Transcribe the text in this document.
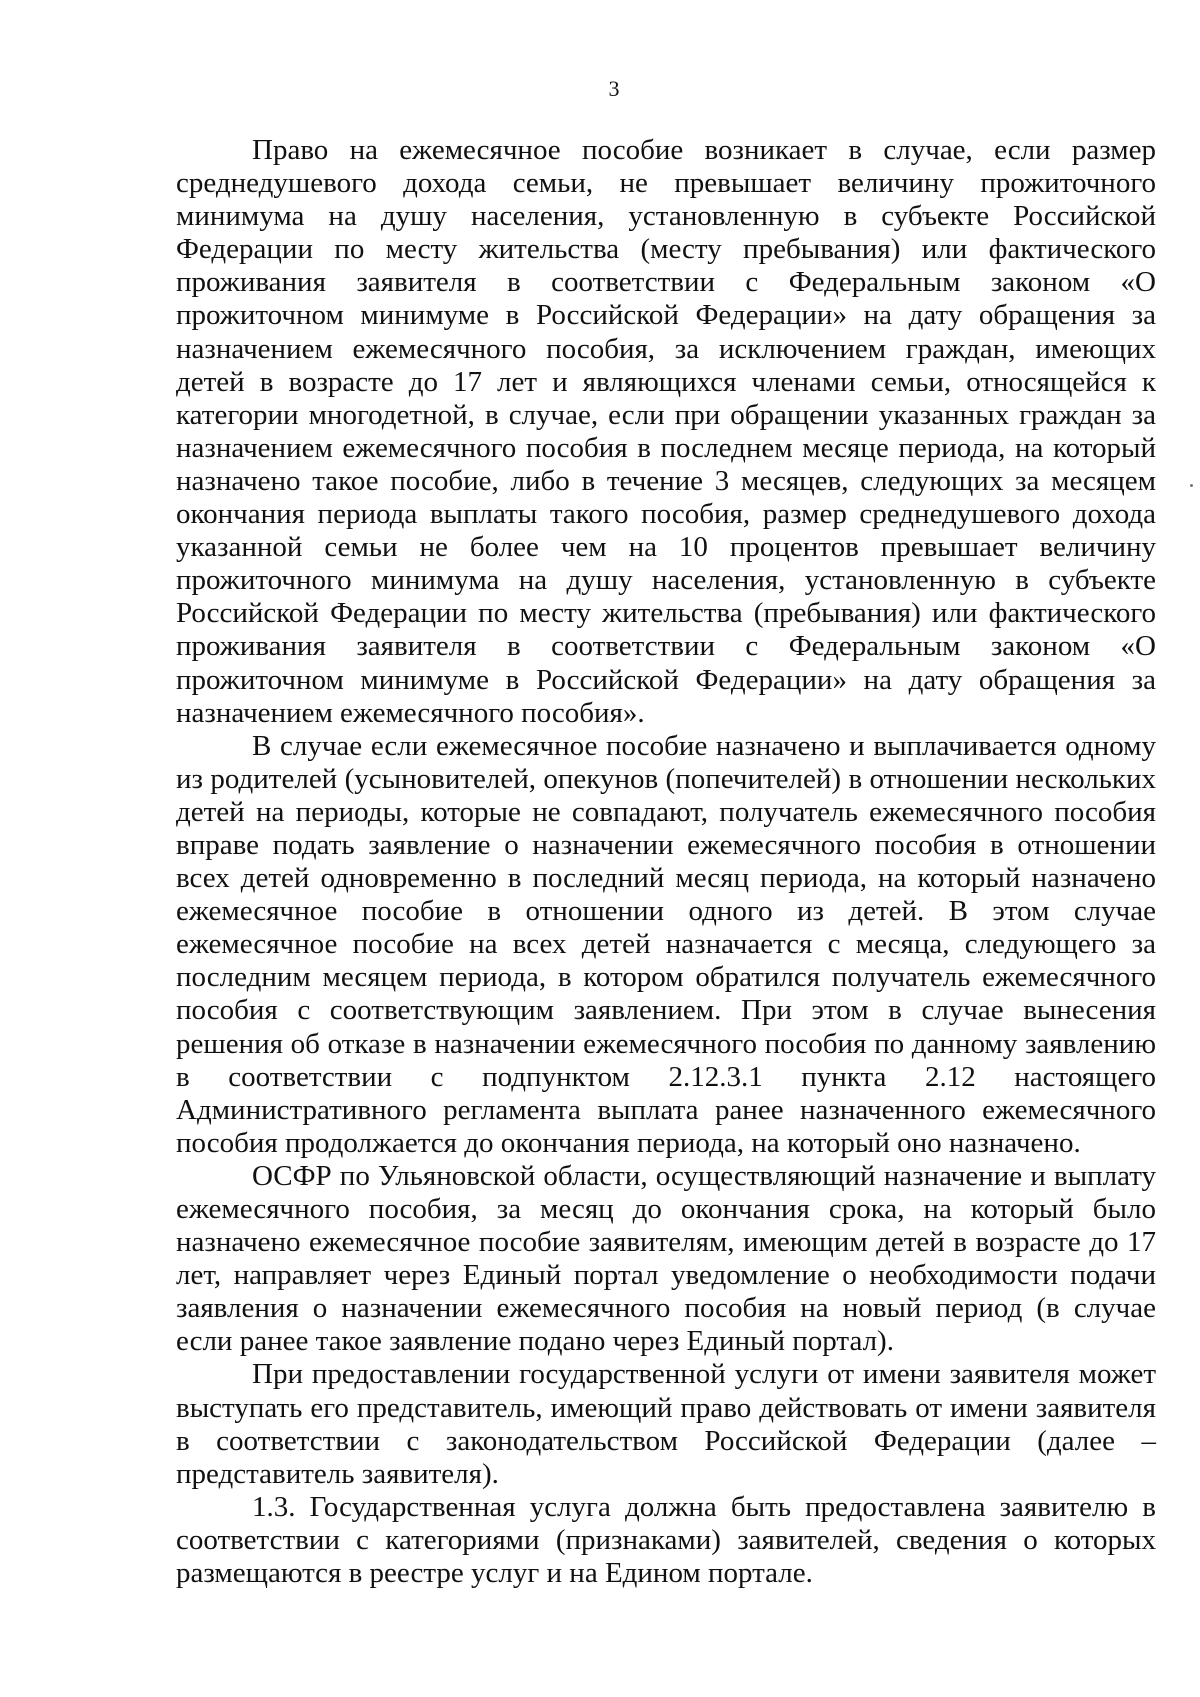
3

Право на ежемесячное пособие возникает в случае, если размер среднедушевого дохода семьи, не превышает величину прожиточного минимума на душу населения, установленную в субъекте Российской Федерации по месту жительства (месту пребывания) или фактического проживания заявителя в соответствии с Федеральным законом «О прожиточном минимуме в Российской Федерации» на дату обращения за назначением ежемесячного пособия, за исключением граждан, имеющих детей в возрасте до 17 лет и являющихся членами семьи, относящейся к категории многодетной, в случае, если при обращении указанных граждан за назначением ежемесячного пособия в последнем месяце периода, на который назначено такое пособие, либо в течение 3 месяцев, следующих за месяцем окончания периода выплаты такого пособия, размер среднедушевого дохода указанной семьи не более чем на 10 процентов превышает величину прожиточного минимума на душу населения, установленную в субъекте Российской Федерации по месту жительства (пребывания) или фактического проживания заявителя в соответствии с Федеральным законом «О прожиточном минимуме в Российской Федерации» на дату обращения за назначением ежемесячного пособия».

В случае если ежемесячное пособие назначено и выплачивается одному из родителей (усыновителей, опекунов (попечителей) в отношении нескольких детей на периоды, которые не совпадают, получатель ежемесячного пособия вправе подать заявление о назначении ежемесячного пособия в отношении всех детей одновременно в последний месяц периода, на который назначено ежемесячное пособие в отношении одного из детей. В этом случае ежемесячное пособие на всех детей назначается с месяца, следующего за последним месяцем периода, в котором обратился получатель ежемесячного пособия с соответствующим заявлением. При этом в случае вынесения решения об отказе в назначении ежемесячного пособия по данному заявлению в соответствии с подпунктом 2.12.3.1 пункта 2.12 настоящего Административного регламента выплата ранее назначенного ежемесячного пособия продолжается до окончания периода, на который оно назначено.

ОСФР по Ульяновской области, осуществляющий назначение и выплату ежемесячного пособия, за месяц до окончания срока, на который было назначено ежемесячное пособие заявителям, имеющим детей в возрасте до 17 лет, направляет через Единый портал уведомление о необходимости подачи заявления о назначении ежемесячного пособия на новый период (в случае если ранее такое заявление подано через Единый портал).

При предоставлении государственной услуги от имени заявителя может выступать его представитель, имеющий право действовать от имени заявителя в соответствии с законодательством Российской Федерации (далее – представитель заявителя).

1.3. Государственная услуга должна быть предоставлена заявителю в соответствии с категориями (признаками) заявителей, сведения о которых размещаются в реестре услуг и на Едином портале.
